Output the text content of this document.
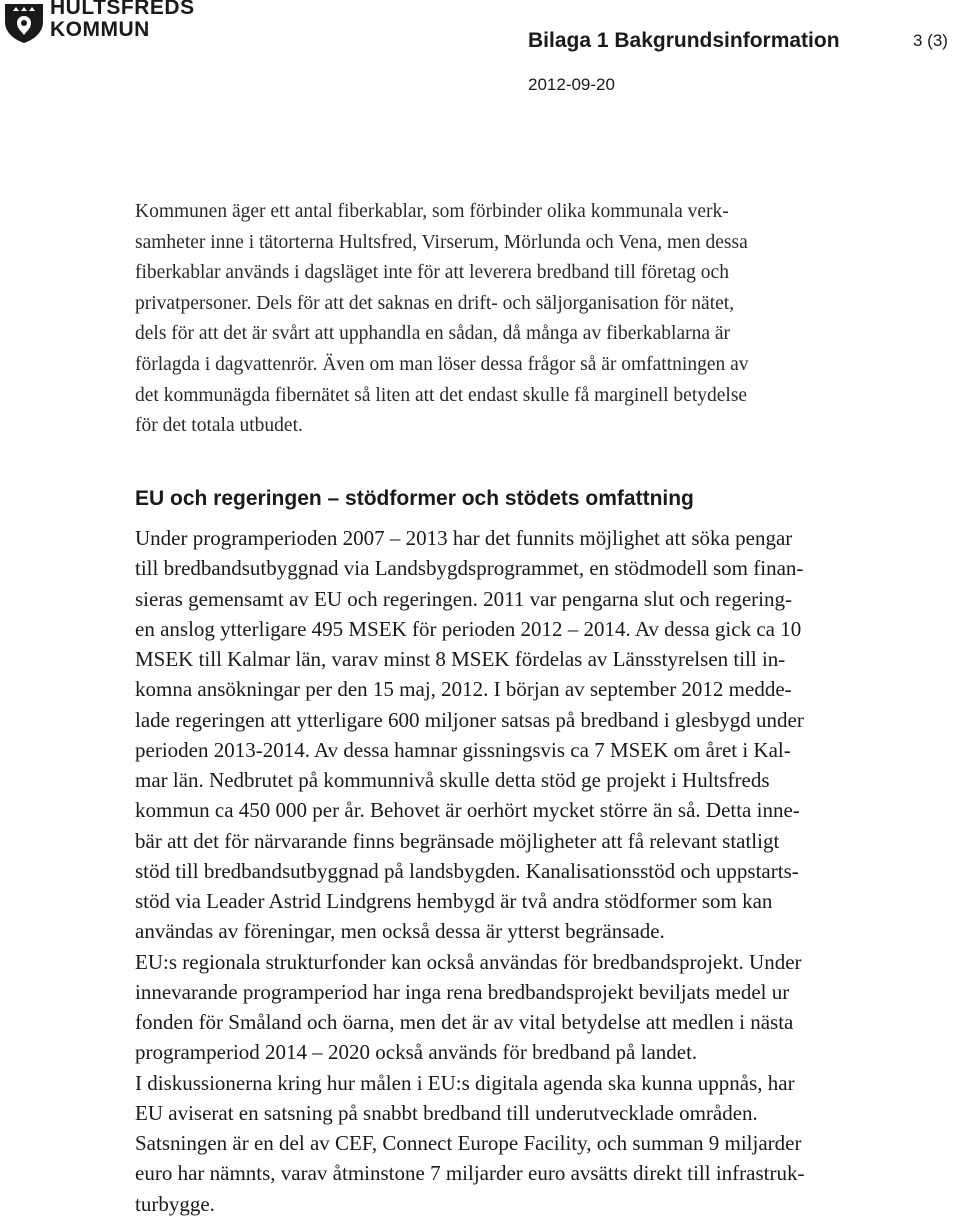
HULTSFREDS
KOMMUN	Bilaga 1 Bakgrundsinformation	3 (3)
2012-09-20
Kommunen äger ett antal fiberkablar, som förbinder olika kommunala verk-
samheter inne i tätorterna Hultsfred, Virserum, Mörlunda och Vena, men dessa
fiberkablar används i dagsläget inte för att leverera bredband till företag och
privatpersoner. Dels för att det saknas en drift- och säljorganisation för nätet,
dels för att det är svårt att upphandla en sådan, då många av fiberkablarna är
förlagda i dagvattenrör. Även om man löser dessa frågor så är omfattningen av
det kommunägda fibernätet så liten att det endast skulle få marginell betydelse
för det totala utbudet.
EU och regeringen – stödformer och stödets omfattning
Under programperioden 2007 – 2013 har det funnits möjlighet att söka pengar
till bredbandsutbyggnad via Landsbygdsprogrammet, en stödmodell som finan-
sieras gemensamt av EU och regeringen. 2011 var pengarna slut och regering-
en anslog ytterligare 495 MSEK för perioden 2012 – 2014. Av dessa gick ca 10
MSEK till Kalmar län, varav minst 8 MSEK fördelas av Länsstyrelsen till in-
komna ansökningar per den 15 maj, 2012. I början av september 2012 medde-
lade regeringen att ytterligare 600 miljoner satsas på bredband i glesbygd under
perioden 2013-2014. Av dessa hamnar gissningsvis ca 7 MSEK om året i Kal-
mar län. Nedbrutet på kommunnivå skulle detta stöd ge projekt i Hultsfreds
kommun ca 450 000 per år. Behovet är oerhört mycket större än så. Detta inne-
bär att det för närvarande finns begränsade möjligheter att få relevant statligt
stöd till bredbandsutbyggnad på landsbygden. Kanalisationsstöd och uppstarts-
stöd via Leader Astrid Lindgrens hembygd är två andra stödformer som kan
användas av föreningar, men också dessa är ytterst begränsade.
EU:s regionala strukturfonder kan också användas för bredbandsprojekt. Under
innevarande programperiod har inga rena bredbandsprojekt beviljats medel ur
fonden för Småland och öarna, men det är av vital betydelse att medlen i nästa
programperiod 2014 – 2020 också används för bredband på landet.
I diskussionerna kring hur målen i EU:s digitala agenda ska kunna uppnås, har
EU aviserat en satsning på snabbt bredband till underutvecklade områden.
Satsningen är en del av CEF, Connect Europe Facility, och summan 9 miljarder
euro har nämnts, varav åtminstone 7 miljarder euro avsätts direkt till infrastruk-
turbygge.
